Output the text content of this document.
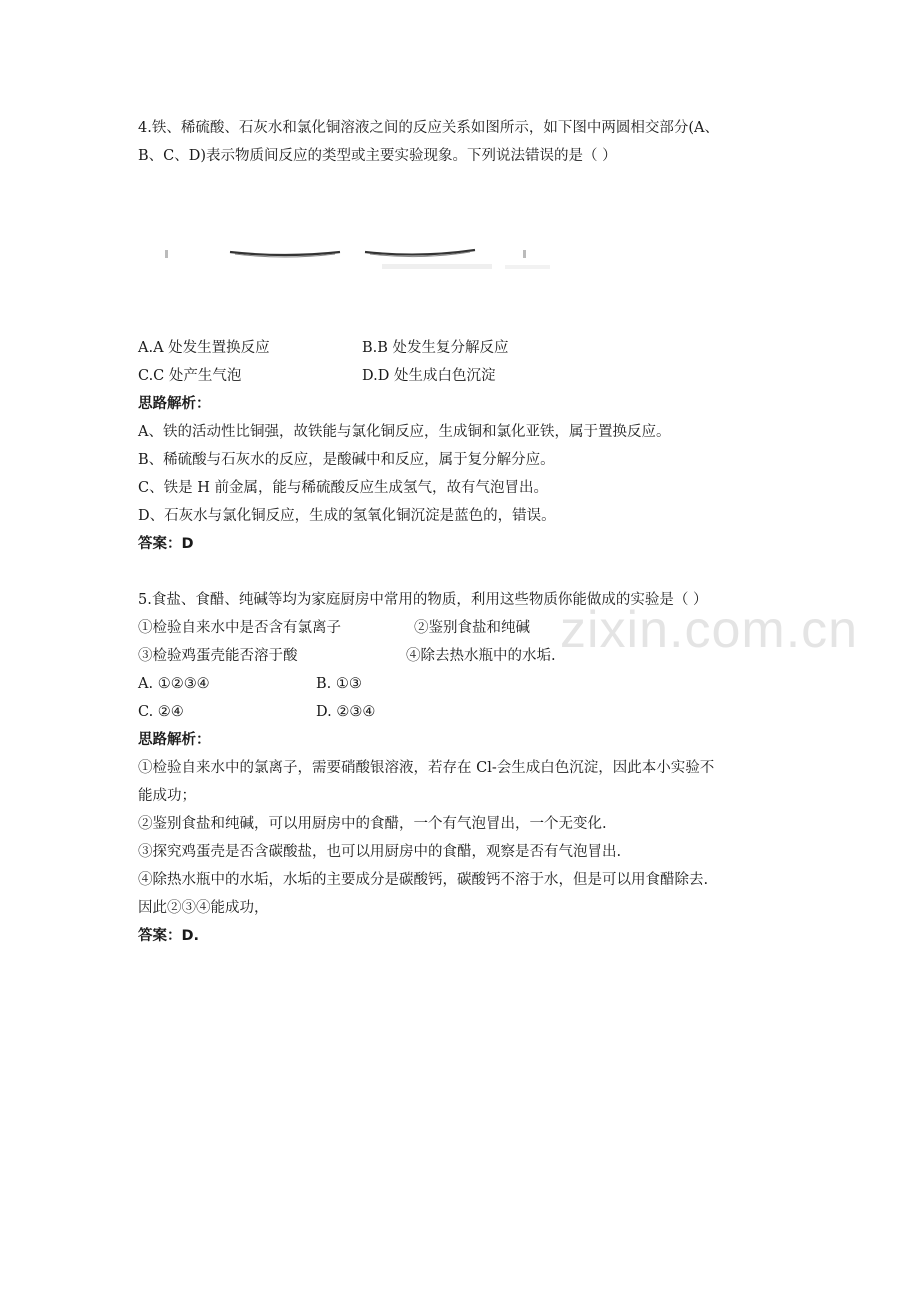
4.铁、稀硫酸、石灰水和氯化铜溶液之间的反应关系如图所示，如下图中两圆相交部分(A、

B、C、D)表示物质间反应的类型或主要实验现象。下列说法错误的是（ ）

A.A 处发生置换反应	B.B 处发生复分解反应

C.C 处产生气泡	D.D 处生成白色沉淀

思路解析：

A、铁的活动性比铜强，故铁能与氯化铜反应，生成铜和氯化亚铁，属于置换反应。

B、稀硫酸与石灰水的反应，是酸碱中和反应，属于复分解分应。

C、铁是 H 前金属，能与稀硫酸反应生成氢气，故有气泡冒出。

D、石灰水与氯化铜反应，生成的氢氧化铜沉淀是蓝色的，错误。

答案：D

zixin.com.cn

5.食盐、食醋、纯碱等均为家庭厨房中常用的物质，利用这些物质你能做成的实验是（ ）

①检验自来水中是否含有氯离子	②鉴别食盐和纯碱

③检验鸡蛋壳能否溶于酸	④除去热水瓶中的水垢.

A. ①②③④	B. ①③

C. ②④	D. ②③④

思路解析：

①检验自来水中的氯离子，需要硝酸银溶液，若存在 Cl-会生成白色沉淀，因此本小实验不

能成功；

②鉴别食盐和纯碱，可以用厨房中的食醋，一个有气泡冒出，一个无变化.

③探究鸡蛋壳是否含碳酸盐，也可以用厨房中的食醋，观察是否有气泡冒出.

④除热水瓶中的水垢，水垢的主要成分是碳酸钙，碳酸钙不溶于水，但是可以用食醋除去.

因此②③④能成功，

答案：D.
